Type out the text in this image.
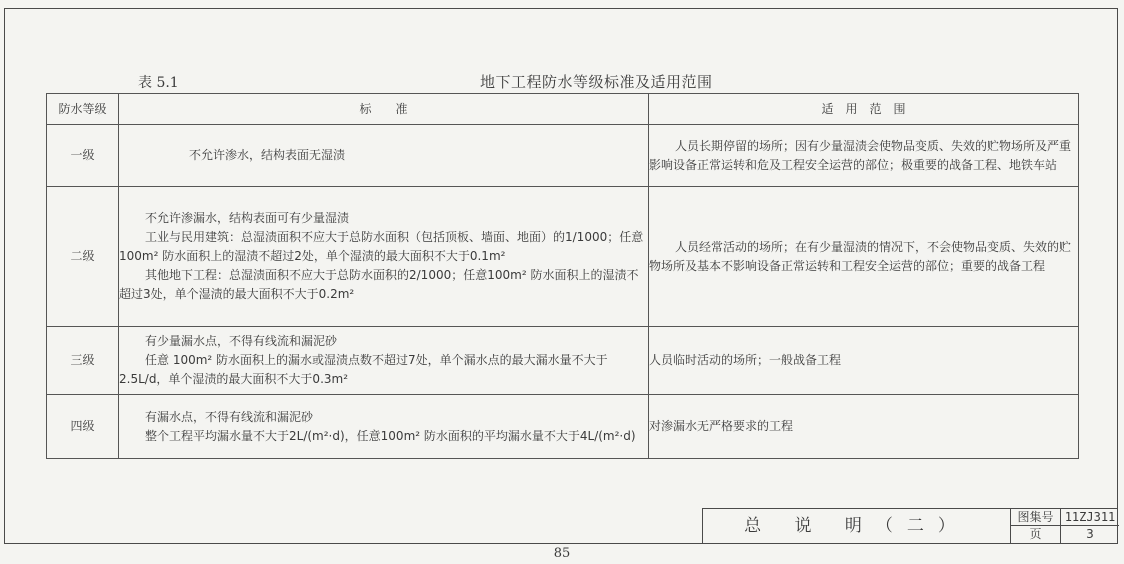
表 5.1	地下工程防水等级标准及适用范围
防水等级	标　　准	适　用　范　围
一级	不允许渗水，结构表面无湿渍	人员长期停留的场所；因有少量湿渍会使物品变质、失效的贮物场所及严重影响设备正常运转和危及工程安全运营的部位；极重要的战备工程、地铁车站

二级	不允许渗漏水，结构表面可有少量湿渍
工业与民用建筑：总湿渍面积不应大于总防水面积（包括顶板、墙面、地面）的1/1000；任意100m² 防水面积上的湿渍不超过2处，单个湿渍的最大面积不大于0.1m²
其他地下工程：总湿渍面积不应大于总防水面积的2/1000；任意100m² 防水面积上的湿渍不超过3处，单个湿渍的最大面积不大于0.2m²	人员经常活动的场所；在有少量湿渍的情况下，不会使物品变质、失效的贮物场所及基本不影响设备正常运转和工程安全运营的部位；重要的战备工程

三级	有少量漏水点，不得有线流和漏泥砂
任意 100m² 防水面积上的漏水或湿渍点数不超过7处，单个漏水点的最大漏水量不大于2.5L/d，单个湿渍的最大面积不大于0.3m²	人员临时活动的场所；一般战备工程

四级	有漏水点，不得有线流和漏泥砂
整个工程平均漏水量不大于2L/(m²·d)，任意100m² 防水面积的平均漏水量不大于4L/(m²·d)	对渗漏水无严格要求的工程
总 说 明（二）	图集号 11ZJ311
页	3
85
